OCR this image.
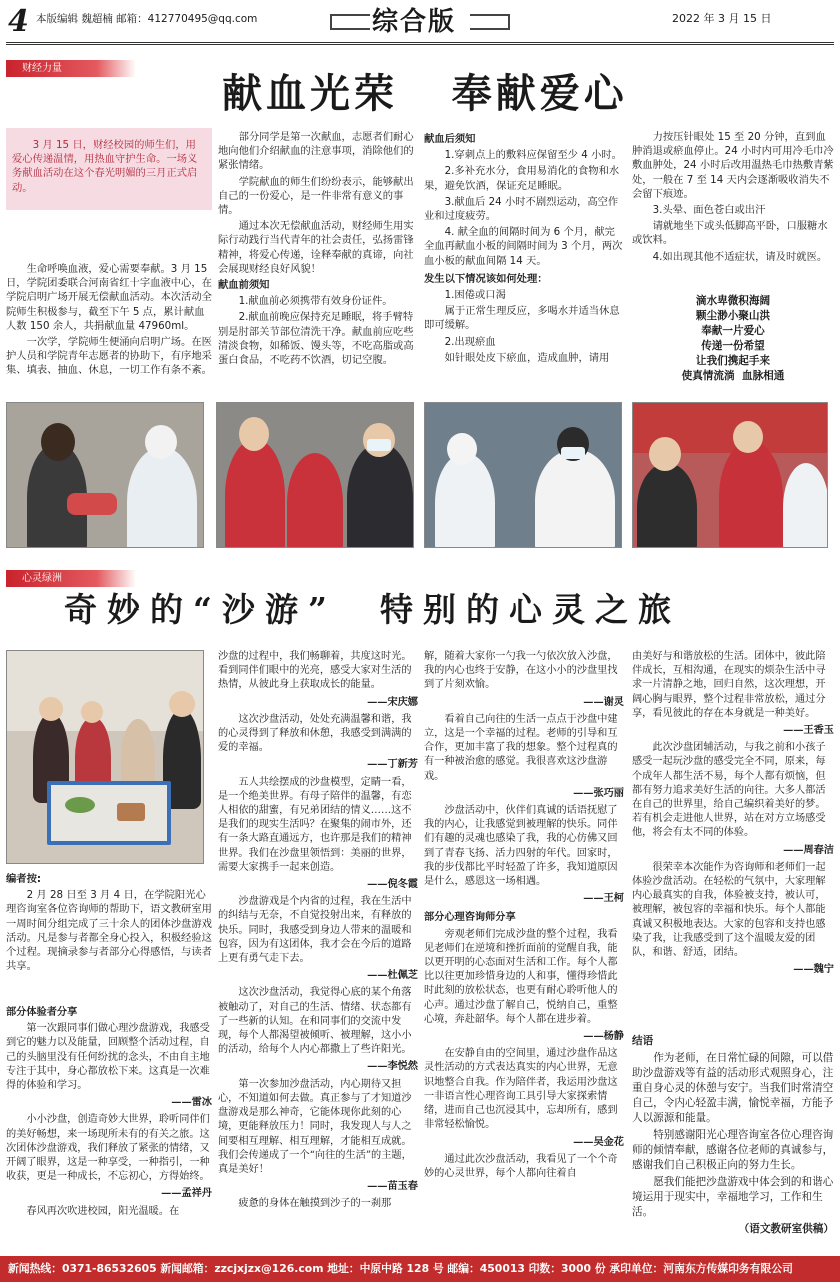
4 本版编辑 魏超楠 邮箱：412770495@qq.com	综合版	2022 年 3 月 15 日
财经力量
献血光荣   奉献爱心

3 月 15 日，财经校园的师生们，用爱心传递温情，用热血守护生命。一场义务献血活动在这个春光明媚的三月正式启动。

生命呼唤血液，爱心需要奉献。3 月 15 日，学院团委联合河南省红十字血液中心，在学院启明广场开展无偿献血活动。本次活动全院师生积极参与，截至下午 5 点，累计献血人数 150 余人，共捐献血量 47960ml。

一次学，学院师生便涌向启明广场。在医护人员和学院青年志愿者的协助下，有序地采集、填表、抽血、休息，一切工作有条不紊。

部分同学是第一次献血，志愿者们耐心地向他们介绍献血的注意事项，消除他们的紧张情绪。

学院献血的师生们纷纷表示，能够献出自己的一份爱心，是一件非常有意义的事情。

通过本次无偿献血活动，财经师生用实际行动践行当代青年的社会责任，弘扬雷锋精神，将爱心传递，诠释奉献的真谛，向社会展现财经良好风貌！

献血前须知

1.献血前必须携带有效身份证件。

2.献血前晚应保持充足睡眠，将手臂特别是肘部关节部位清洗干净。献血前应吃些清淡食物，如稀饭、馒头等，不吃高脂或高蛋白食品，不吃药不饮酒，切记空腹。

献血后须知

1.穿刺点上的敷料应保留至少 4 小时。

2.多补充水分，食用易消化的食物和水果，避免饮酒，保证充足睡眠。

3.献血后 24 小时不剧烈运动，高空作业和过度疲劳。

4. 献全血的间隔时间为 6 个月，献完全血再献血小板的间隔时间为 3 个月，两次血小板的献血间隔 14 天。

发生以下情况该如何处理：

1.困倦或口渴

属于正常生理反应，多喝水并适当休息即可缓解。

2.出现瘀血

如针眼处皮下瘀血，造成血肿，请用

力按压针眼处 15 至 20 分钟，直到血肿消退或瘀血停止。24 小时内可用冷毛巾冷敷血肿处，24 小时后改用温热毛巾热敷青紫处，一般在 7 至 14 天内会逐渐吸收消失不会留下痕迹。

3.头晕、面色苍白或出汗

请就地坐下或头低脚高平卧，口服糖水或饮料。

4.如出现其他不适症状，请及时就医。

滴水卑微积海阔
颗尘渺小聚山洪
奉献一片爱心
传递一份希望
让我们携起手来
使真情流淌  血脉相通
心灵绿洲
奇妙的“沙游”  特别的心灵之旅
编者按:

2 月 28 日至 3 月 4 日，在学院阳光心理咨询室各位咨询师的帮助下，语文教研室用一周时间分组完成了三十余人的团体沙盘游戏活动。凡是参与者都全身心投入，积极经验这个过程。现摘录参与者部分心得感悟，与读者共享。

部分体验者分享

第一次跟同事们做心理沙盘游戏，我感受到它的魅力以及能量，回顾整个活动过程，自己的头脑里没有任何纷扰的念头，不由自主地专注于其中，身心都放松下来。这真是一次难得的体验和学习。

——雷冰

小小沙盘，创造奇妙大世界，聆听同伴们的美好畅想，来一场现所未有的有关之旅。这次团体沙盘游戏，我们释放了紧张的情绪，又开阔了眼界，这是一种享受，一种指引，一种收获，更是一种成长，不忘初心，方得始终。

——孟祥丹

春风再次吹进校园，阳光温暖。在

沙盘的过程中，我们畅聊着，共度这时光。看到同伴们眼中的光亮，感受大家对生活的热情，从彼此身上获取成长的能量。

——宋庆娜

这次沙盘活动，处处充满温馨和谐，我的心灵得到了释放和休憩，我感受到满满的爱的幸福。

——丁新芳

五人共绘摆成的沙盘模型，定睛一看，是一个绝美世界。有母子陪伴的温馨，有恋人相依的甜蜜，有兄弟团结的情义……这不是我们的现实生活吗？在聚集的闹市外，还有一条大路直通远方，也许那是我们的精神世界。我们在沙盘里领悟到：美丽的世界，需要大家携手一起来创造。

——倪冬霞

沙盘游戏是个内省的过程，我在生活中的纠结与无奈，不自觉投射出来，有释放的快乐。同时，我感受到身边人带来的温暖和包容，因为有这团体，我才会在今后的道路上更有勇气走下去。

——杜佩芝

这次沙盘活动，我觉得心底的某个角落被触动了，对自己的生活、情绪、状态都有了一些新的认知。在和同事们的交流中发现，每个人都渴望被倾听、被理解，这小小的活动，给每个人内心都撒上了些许阳光。

——李悦然

第一次参加沙盘活动，内心期待又担心，不知道如何去做。真正参与了才知道沙盘游戏是那么神奇，它能体现你此刻的心境，更能释放压力！同时，我发现人与人之间要相互理解、相互理解，才能相互成就。我们会传递成了一个“向往的生活”的主题，真是美好！

——苗玉春

疲惫的身体在触摸到沙子的一刹那

解，随着大家你一勺我一勺依次放入沙盘，我的内心也终于安静，在这小小的沙盘里找到了片刻欢愉。

——谢灵

看着自己向往的生活一点点于沙盘中建立，这是一个幸福的过程。老师的引导和互合作，更加丰富了我的想象。整个过程真的有一种被治愈的感觉。我很喜欢这沙盘游戏。

——张巧丽

沙盘活动中，伙伴们真诚的话语抚慰了我的内心，让我感觉到被理解的快乐。同伴们有趣的灵魂也感染了我，我的心仿佛又回到了青春飞扬、活力四射的年代。回家时，我的步伐都比平时轻盈了许多，我知道原因是什么，感恩这一场相遇。

——王柯
部分心理咨询师分享

旁观老师们完成沙盘的整个过程，我看见老师们在逆境和挫折面前的觉醒自我，能以更开明的心态面对生活和工作。每个人都比以往更加珍惜身边的人和事，懂得珍惜此时此刻的放松状态，也更有耐心聆听他人的心声。通过沙盘了解自己，悦纳自己，重整心境，奔赴韶华。每个人都在进步着。

——杨静

在安静自由的空间里，通过沙盘作品这灵性活动的方式表达真实的内心世界，无意识地整合自我。作为陪伴者，我运用沙盘这一非语言性心理咨询工具引导大家探索情绪，进而自己也沉浸其中，忘却所有，感到非常轻松愉悦。

——吴金花

通过此次沙盘活动，我看见了一个个奇妙的心灵世界，每个人都向往着自

由美好与和谐放松的生活。团体中，彼此陪伴成长，互相沟通，在现实的烦杂生活中寻求一片清静之地，回归自然，这次理想，开阔心胸与眼界，整个过程非常放松，通过分享，看见彼此的存在本身就是一种美好。

——王香玉

此次沙盘团辅活动，与我之前和小孩子感受一起玩沙盘的感受完全不同，原来，每个成年人都生活不易，每个人都有烦恼，但都有努力追求美好生活的向往。大多人都活在自己的世界里，给自己编织着美好的梦。若有机会走进他人世界，站在对方立场感受他，将会有太不同的体验。

——周春洁

很荣幸本次能作为咨询师和老师们一起体验沙盘活动。在轻松的气氛中，大家理解内心最真实的自我，体验被支持，被认可，被理解，被包容的幸福和快乐。每个人都能真诚又积极地表达。大家的包容和支持也感染了我，让我感受到了这个温暖友爱的团队，和谐、舒适，团结。

——魏宁
结语

作为老师，在日常忙碌的间隙，可以借助沙盘游戏等有益的活动形式观照身心，注重自身心灵的休憩与安宁。当我们时常清空自己，令内心轻盈丰满，愉悦幸福，方能予人以源源和能量。

特别感谢阳光心理咨询室各位心理咨询师的倾情奉献，感谢各位老师的真诚参与，感谢我们自己积极正向的努力生长。

愿我们能把沙盘游戏中体会到的和谐心境运用于现实中，幸福地学习，工作和生活。

（语文教研室供稿）
新闻热线：0371-86532605 新闻邮箱：zzcjxjzx@126.com 地址：中原中路 128 号 邮编：450013 印数：3000 份 承印单位：河南东方传媒印务有限公司
